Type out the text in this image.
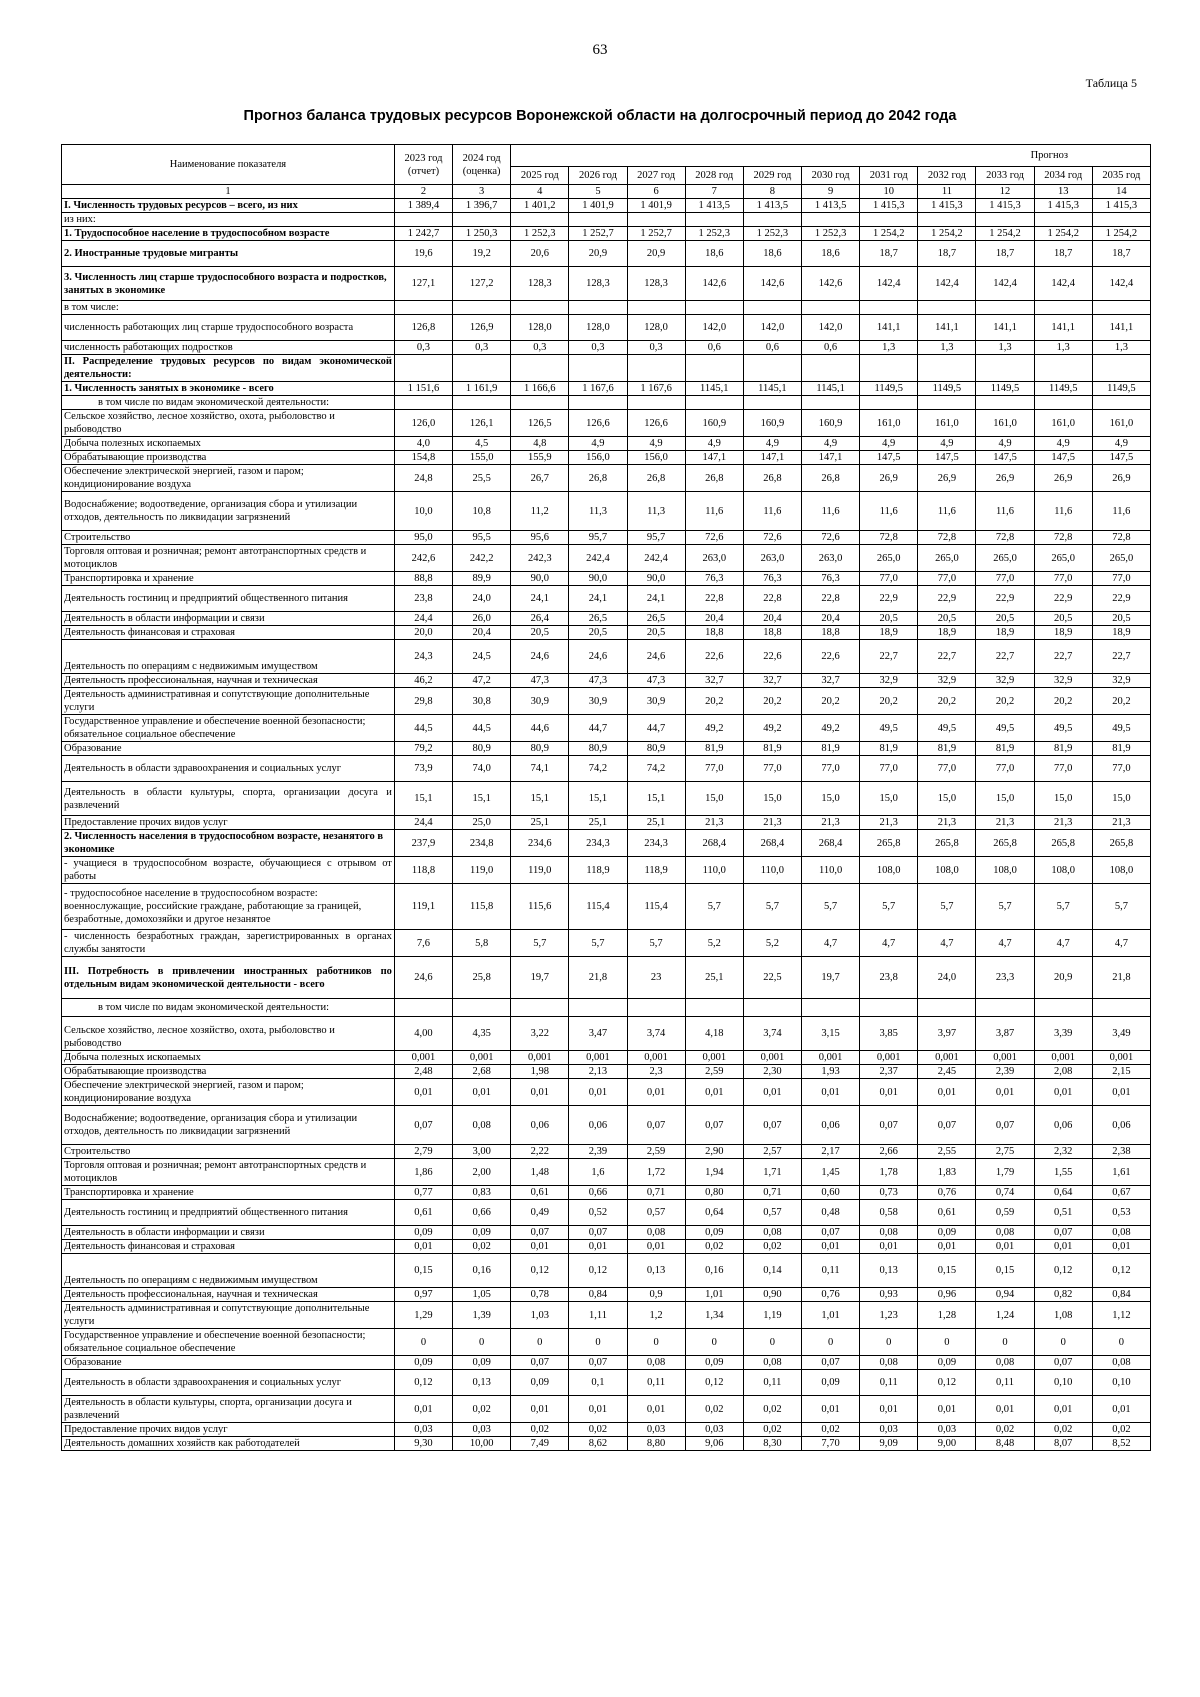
63
Таблица 5
Прогноз баланса трудовых ресурсов Воронежской области на долгосрочный период до 2042 года
Наименование показателя	2023 год (отчет)	2024 год (оценка)	Прогноз										
			2025 год	2026 год	2027 год	2028 год	2029 год	2030 год	2031 год	2032 год	2033 год	2034 год	2035 год
1	2	3	4	5	6	7	8	9	10	11	12	13	14
I. Численность трудовых ресурсов – всего, из них	1 389,4	1 396,7	1 401,2	1 401,9	1 401,9	1 413,5	1 413,5	1 413,5	1 415,3	1 415,3	1 415,3	1 415,3	1 415,3
из них:													
1. Трудоспособное население в трудоспособном возрасте	1 242,7	1 250,3	1 252,3	1 252,7	1 252,7	1 252,3	1 252,3	1 252,3	1 254,2	1 254,2	1 254,2	1 254,2	1 254,2
2. Иностранные трудовые мигранты	19,6	19,2	20,6	20,9	20,9	18,6	18,6	18,6	18,7	18,7	18,7	18,7	18,7
3. Численность лиц старше трудоспособного возраста и подростков, занятых в экономике	127,1	127,2	128,3	128,3	128,3	142,6	142,6	142,6	142,4	142,4	142,4	142,4	142,4
в том числе:													
численность работающих лиц старше трудоспособного возраста	126,8	126,9	128,0	128,0	128,0	142,0	142,0	142,0	141,1	141,1	141,1	141,1	141,1
численность работающих подростков	0,3	0,3	0,3	0,3	0,3	0,6	0,6	0,6	1,3	1,3	1,3	1,3	1,3
II. Распределение трудовых ресурсов по видам экономической деятельности:													
1. Численность занятых в экономике - всего	1 151,6	1 161,9	1 166,6	1 167,6	1 167,6	1145,1	1145,1	1145,1	1149,5	1149,5	1149,5	1149,5	1149,5
в том числе по видам экономической деятельности:													
Сельское хозяйство, лесное хозяйство, охота, рыболовство и рыбоводство	126,0	126,1	126,5	126,6	126,6	160,9	160,9	160,9	161,0	161,0	161,0	161,0	161,0
Добыча полезных ископаемых	4,0	4,5	4,8	4,9	4,9	4,9	4,9	4,9	4,9	4,9	4,9	4,9	4,9
Обрабатывающие производства	154,8	155,0	155,9	156,0	156,0	147,1	147,1	147,1	147,5	147,5	147,5	147,5	147,5
Обеспечение электрической энергией, газом и паром; кондиционирование воздуха	24,8	25,5	26,7	26,8	26,8	26,8	26,8	26,8	26,9	26,9	26,9	26,9	26,9
Водоснабжение; водоотведение, организация сбора и утилизации отходов, деятельность по ликвидации загрязнений	10,0	10,8	11,2	11,3	11,3	11,6	11,6	11,6	11,6	11,6	11,6	11,6	11,6
Строительство	95,0	95,5	95,6	95,7	95,7	72,6	72,6	72,6	72,8	72,8	72,8	72,8	72,8
Торговля оптовая и розничная; ремонт автотранспортных средств и мотоциклов	242,6	242,2	242,3	242,4	242,4	263,0	263,0	263,0	265,0	265,0	265,0	265,0	265,0
Транспортировка и хранение	88,8	89,9	90,0	90,0	90,0	76,3	76,3	76,3	77,0	77,0	77,0	77,0	77,0
Деятельность гостиниц и предприятий общественного питания	23,8	24,0	24,1	24,1	24,1	22,8	22,8	22,8	22,9	22,9	22,9	22,9	22,9
Деятельность в области информации и связи	24,4	26,0	26,4	26,5	26,5	20,4	20,4	20,4	20,5	20,5	20,5	20,5	20,5
Деятельность финансовая и страховая	20,0	20,4	20,5	20,5	20,5	18,8	18,8	18,8	18,9	18,9	18,9	18,9	18,9
Деятельность по операциям с недвижимым имуществом	24,3	24,5	24,6	24,6	24,6	22,6	22,6	22,6	22,7	22,7	22,7	22,7	22,7
Деятельность профессиональная, научная и техническая	46,2	47,2	47,3	47,3	47,3	32,7	32,7	32,7	32,9	32,9	32,9	32,9	32,9
Деятельность административная и сопутствующие дополнительные услуги	29,8	30,8	30,9	30,9	30,9	20,2	20,2	20,2	20,2	20,2	20,2	20,2	20,2
Государственное управление и обеспечение военной безопасности; обязательное социальное обеспечение	44,5	44,5	44,6	44,7	44,7	49,2	49,2	49,2	49,5	49,5	49,5	49,5	49,5
Образование	79,2	80,9	80,9	80,9	80,9	81,9	81,9	81,9	81,9	81,9	81,9	81,9	81,9
Деятельность в области здравоохранения и социальных услуг	73,9	74,0	74,1	74,2	74,2	77,0	77,0	77,0	77,0	77,0	77,0	77,0	77,0
Деятельность в области культуры, спорта, организации досуга и развлечений	15,1	15,1	15,1	15,1	15,1	15,0	15,0	15,0	15,0	15,0	15,0	15,0	15,0
Предоставление прочих видов услуг	24,4	25,0	25,1	25,1	25,1	21,3	21,3	21,3	21,3	21,3	21,3	21,3	21,3
2. Численность населения в трудоспособном возрасте, незанятого в экономике	237,9	234,8	234,6	234,3	234,3	268,4	268,4	268,4	265,8	265,8	265,8	265,8	265,8
- учащиеся в трудоспособном возрасте, обучающиеся с отрывом от работы	118,8	119,0	119,0	118,9	118,9	110,0	110,0	110,0	108,0	108,0	108,0	108,0	108,0
- трудоспособное население в трудоспособном возрасте: военнослужащие, российские граждане, работающие за границей, безработные, домохозяйки и другое незанятое	119,1	115,8	115,6	115,4	115,4	5,7	5,7	5,7	5,7	5,7	5,7	5,7	5,7
- численность безработных граждан, зарегистрированных в органах службы занятости	7,6	5,8	5,7	5,7	5,7	5,2	5,2	4,7	4,7	4,7	4,7	4,7	4,7
III. Потребность в привлечении иностранных работников по отдельным видам экономической деятельности - всего	24,6	25,8	19,7	21,8	23	25,1	22,5	19,7	23,8	24,0	23,3	20,9	21,8
в том числе по видам экономической деятельности:													
Сельское хозяйство, лесное хозяйство, охота, рыболовство и рыбоводство	4,00	4,35	3,22	3,47	3,74	4,18	3,74	3,15	3,85	3,97	3,87	3,39	3,49
Добыча полезных ископаемых	0,001	0,001	0,001	0,001	0,001	0,001	0,001	0,001	0,001	0,001	0,001	0,001	0,001
Обрабатывающие производства	2,48	2,68	1,98	2,13	2,3	2,59	2,30	1,93	2,37	2,45	2,39	2,08	2,15
Обеспечение электрической энергией, газом и паром; кондиционирование воздуха	0,01	0,01	0,01	0,01	0,01	0,01	0,01	0,01	0,01	0,01	0,01	0,01	0,01
Водоснабжение; водоотведение, организация сбора и утилизации отходов, деятельность по ликвидации загрязнений	0,07	0,08	0,06	0,06	0,07	0,07	0,07	0,06	0,07	0,07	0,07	0,06	0,06
Строительство	2,79	3,00	2,22	2,39	2,59	2,90	2,57	2,17	2,66	2,55	2,75	2,32	2,38
Торговля оптовая и розничная; ремонт автотранспортных средств и мотоциклов	1,86	2,00	1,48	1,6	1,72	1,94	1,71	1,45	1,78	1,83	1,79	1,55	1,61
Транспортировка и хранение	0,77	0,83	0,61	0,66	0,71	0,80	0,71	0,60	0,73	0,76	0,74	0,64	0,67
Деятельность гостиниц и предприятий общественного питания	0,61	0,66	0,49	0,52	0,57	0,64	0,57	0,48	0,58	0,61	0,59	0,51	0,53
Деятельность в области информации и связи	0,09	0,09	0,07	0,07	0,08	0,09	0,08	0,07	0,08	0,09	0,08	0,07	0,08
Деятельность финансовая и страховая	0,01	0,02	0,01	0,01	0,01	0,02	0,02	0,01	0,01	0,01	0,01	0,01	0,01
Деятельность по операциям с недвижимым имуществом	0,15	0,16	0,12	0,12	0,13	0,16	0,14	0,11	0,13	0,15	0,15	0,12	0,12
Деятельность профессиональная, научная и техническая	0,97	1,05	0,78	0,84	0,9	1,01	0,90	0,76	0,93	0,96	0,94	0,82	0,84
Деятельность административная и сопутствующие дополнительные услуги	1,29	1,39	1,03	1,11	1,2	1,34	1,19	1,01	1,23	1,28	1,24	1,08	1,12
Государственное управление и обеспечение военной безопасности; обязательное социальное обеспечение	0	0	0	0	0	0	0	0	0	0	0	0	0
Образование	0,09	0,09	0,07	0,07	0,08	0,09	0,08	0,07	0,08	0,09	0,08	0,07	0,08
Деятельность в области здравоохранения и социальных услуг	0,12	0,13	0,09	0,1	0,11	0,12	0,11	0,09	0,11	0,12	0,11	0,10	0,10
Деятельность в области культуры, спорта, организации досуга и развлечений	0,01	0,02	0,01	0,01	0,01	0,02	0,02	0,01	0,01	0,01	0,01	0,01	0,01
Предоставление прочих видов услуг	0,03	0,03	0,02	0,02	0,03	0,03	0,02	0,02	0,03	0,03	0,02	0,02	0,02
Деятельность домашних хозяйств как работодателей	9,30	10,00	7,49	8,62	8,80	9,06	8,30	7,70	9,09	9,00	8,48	8,07	8,52
